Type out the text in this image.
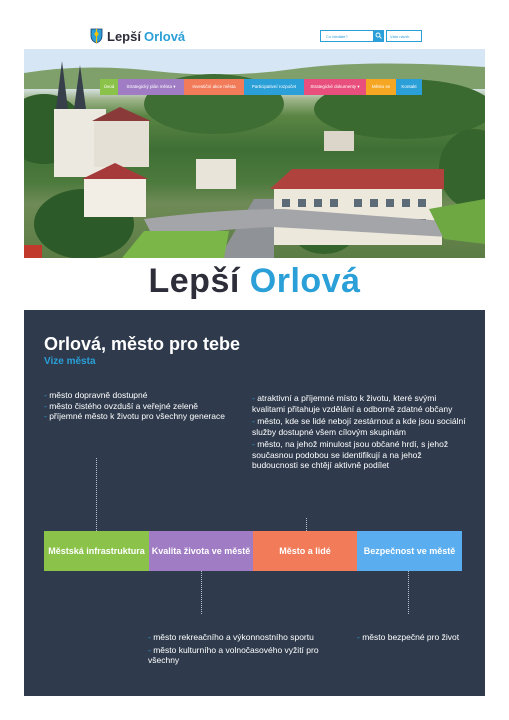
Lepší Orlová	Co hledáte?	Vám návrh
Úvod	Strategický plán města ▾	Investiční akce města	Participativní rozpočet	Strategické dokumenty ▾	Město se	Kontakt
Lepší Orlová
Orlová, město pro tebe
Vize města

- město dopravně dostupné

- město čistého ovzduší a veřejné zeleně

- příjemné město k životu pro všechny generace

- atraktivní a příjemné místo k životu, které svými kvalitami přitahuje vzdělání a odborně zdatné občany

- město, kde se lidé nebojí zestárnout a kde jsou sociální služby dostupné všem cílovým skupinám

- město, na jehož minulost jsou občané hrdí, s jehož současnou podobou se identifikují a na jehož budoucnosti se chtějí aktivně podílet

Městská infrastruktura Kvalita života ve městě	Město a lidé	Bezpečnost ve městě

- město rekreačního a výkonnostního sportu

- město kulturního a volnočasového vyžití pro všechny

- město bezpečné pro život
